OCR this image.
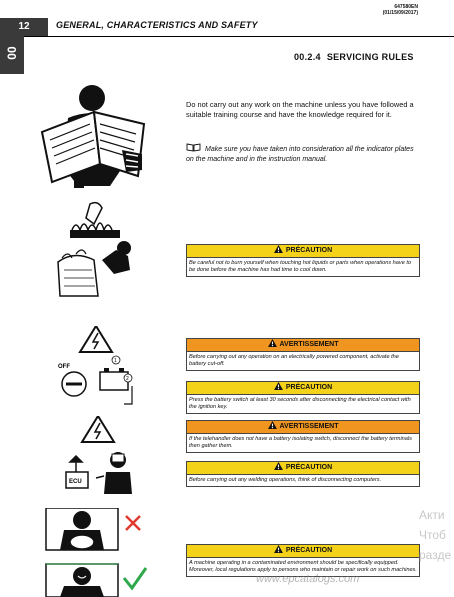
12	GENERAL, CHARACTERISTICS AND SAFETY
647580EN
(01/15/09/2017)
00	00.2.4 SERVICING RULES
Do not carry out any work on the machine unless you have followed a suitable training course and have the knowledge required for it.
Make sure you have taken into consideration all the indicator plates on the machine and in the instruction manual.
PRÉCAUTION
Be careful not to burn yourself when touching hot liquids or parts when operations have to be done before the machine has had time to cool down.
OFF
1
2
AVERTISSEMENT
Before carrying out any operation on an electrically powered component, activate the battery cut-off.
PRÉCAUTION
Press the battery switch at least 30 seconds after disconnecting the electrical contact with the ignition key.
ECU
AVERTISSEMENT
If the telehandler does not have a battery isolating switch, disconnect the battery terminals then gather them.
PRÉCAUTION
Before carrying out any welding operations, think of disconnecting computers.
PRÉCAUTION
A machine operating in a contaminated environment should be specifically equipped. Moreover, local regulations apply to persons who maintain or repair work on such machines.
www.epcatalogs.com
Акти
Чтоб
разде
